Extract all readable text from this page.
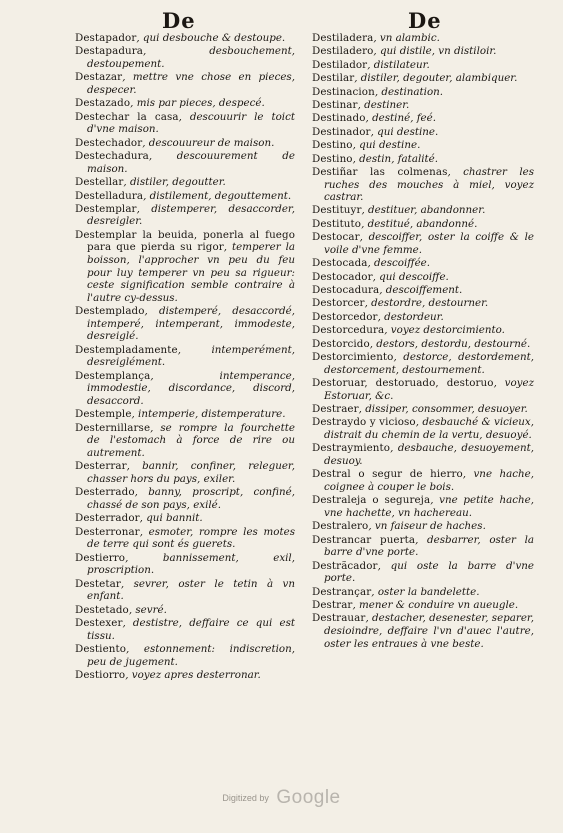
De	De
Destapador, qui desbouche & destoupe.
Destapadura, desbouchement, destoupement.
Destazar, mettre vne chose en pieces, despecer.
Destazado, mis par pieces, despecé.
Destechar la casa, descouurir le toict d'vne maison.
Destechador, descouureur de maison.
Destechadura, descouurement de maison.
Destellar, distiler, degoutter.
Destelladura, distilement, degouttement.
Destemplar, distemperer, desaccorder, desreigler.
Destemplar la beuida, ponerla al fuego para que pierda su rigor, temperer la boisson, l'approcher vn peu du feu pour luy temperer vn peu sa rigueur: ceste signification semble contraire à l'autre cy-dessus.
Destemplado, distemperé, desaccordé, intemperé, intemperant, immodeste, desreiglé.
Destempladamente, intemperément, desreiglément.
Destemplança, intemperance, immodestie, discordance, discord, desaccord.
Destemple, intemperie, distemperature.
Desternillarse, se rompre la fourchette de l'estomach à force de rire ou autrement.
Desterrar, bannir, confiner, releguer, chasser hors du pays, exiler.
Desterrado, banny, proscript, confiné, chassé de son pays, exilé.
Desterrador, qui bannit.
Desterronar, esmoter, rompre les motes de terre qui sont és guerets.
Destierro, bannissement, exil, proscription.
Destetar, sevrer, oster le tetin à vn enfant.
Destetado, sevré.
Destexer, destistre, deffaire ce qui est tissu.
Destiento, estonnement: indiscretion, peu de jugement.
Destiorro, voyez apres desterronar.
Destiladera, vn alambic.
Destiladero, qui distile, vn distiloir.
Destilador, distilateur.
Destilar, distiler, degouter, alambiquer.
Destinacion, destination.
Destinar, destiner.
Destinado, destiné, feé.
Destinador, qui destine.
Destino, qui destine.
Destino, destin, fatalité.
Destiñar las colmenas, chastrer les ruches des mouches à miel, voyez castrar.
Destituyr, destituer, abandonner.
Destituto, destitué, abandonné.
Destocar, descoiffer, oster la coiffe & le voile d'vne femme.
Destocada, descoiffée.
Destocador, qui descoiffe.
Destocadura, descoiffement.
Destorcer, destordre, destourner.
Destorcedor, destordeur.
Destorcedura, voyez destorcimiento.
Destorcido, destors, destordu, destourné.
Destorcimiento, destorce, destordement, destorcement, destournement.
Destoruar, destoruado, destoruo, voyez Estoruar, &c.
Destraer, dissiper, consommer, desuoyer.
Destraydo y vicioso, desbauché & vicieux, distrait du chemin de la vertu, desuoyé.
Destraymiento, desbauche, desuoyement, desuoy.
Destral o segur de hierro, vne hache, coignee à couper le bois.
Destraleja o segureja, vne petite hache, vne hachette, vn hachereau.
Destralero, vn faiseur de haches.
Destrancar puerta, desbarrer, oster la barre d'vne porte.
Destrãcador, qui oste la barre d'vne porte.
Destrançar, oster la bandelette.
Destrar, mener & conduire vn aueugle.
Destrauar, destacher, desenester, separer, desioindre, deffaire l'vn d'auec l'autre, oster les entraues à vne beste.
Digitized by Google
